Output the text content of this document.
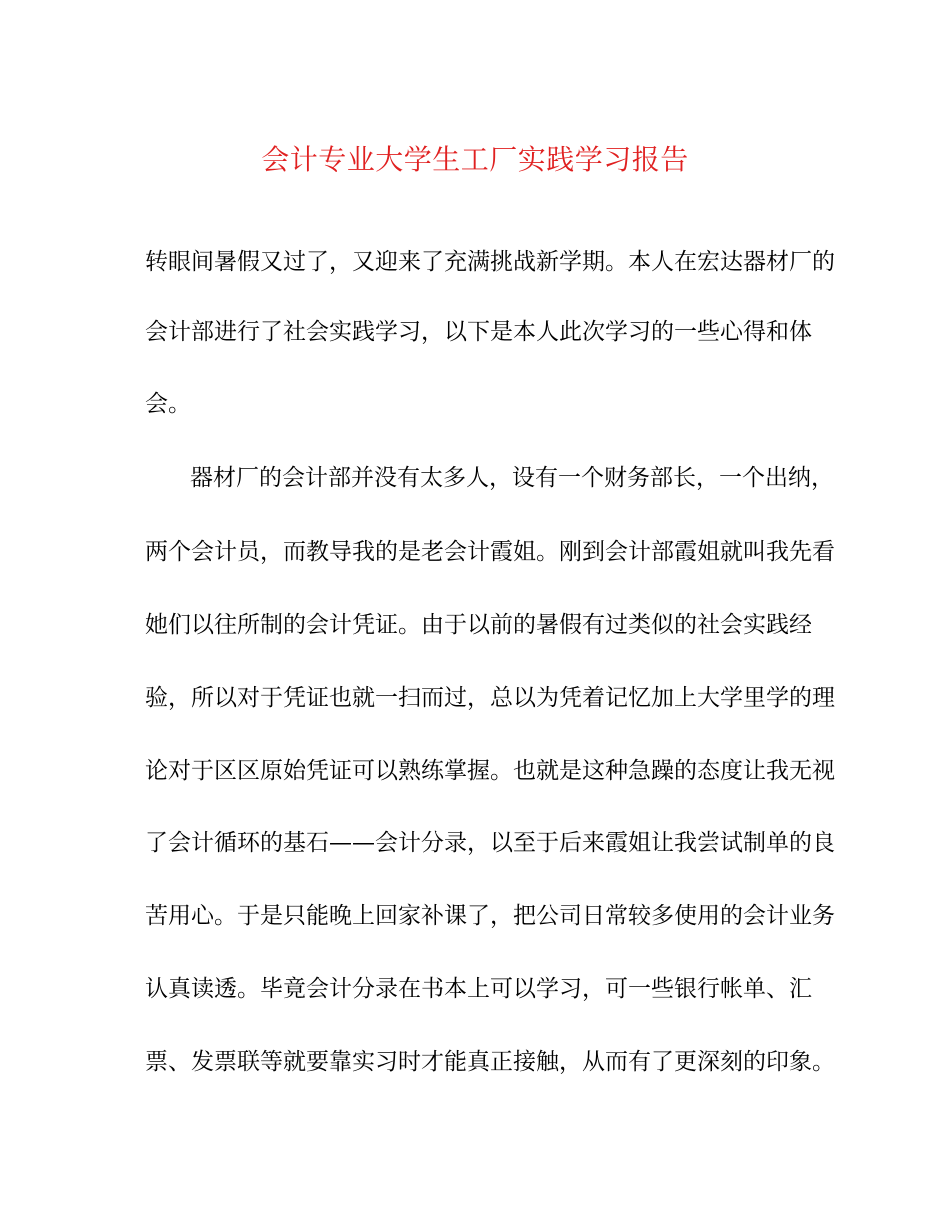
会计专业大学生工厂实践学习报告
转眼间暑假又过了，又迎来了充满挑战新学期。本人在宏达器材厂的
会计部进行了社会实践学习，以下是本人此次学习的一些心得和体
会。
器材厂的会计部并没有太多人，设有一个财务部长，一个出纳，
两个会计员，而教导我的是老会计霞姐。刚到会计部霞姐就叫我先看
她们以往所制的会计凭证。由于以前的暑假有过类似的社会实践经
验，所以对于凭证也就一扫而过，总以为凭着记忆加上大学里学的理
论对于区区原始凭证可以熟练掌握。也就是这种急躁的态度让我无视
了会计循环的基石——会计分录，以至于后来霞姐让我尝试制单的良
苦用心。于是只能晚上回家补课了，把公司日常较多使用的会计业务
认真读透。毕竟会计分录在书本上可以学习，可一些银行帐单、汇
票、发票联等就要靠实习时才能真正接触，从而有了更深刻的印象。
